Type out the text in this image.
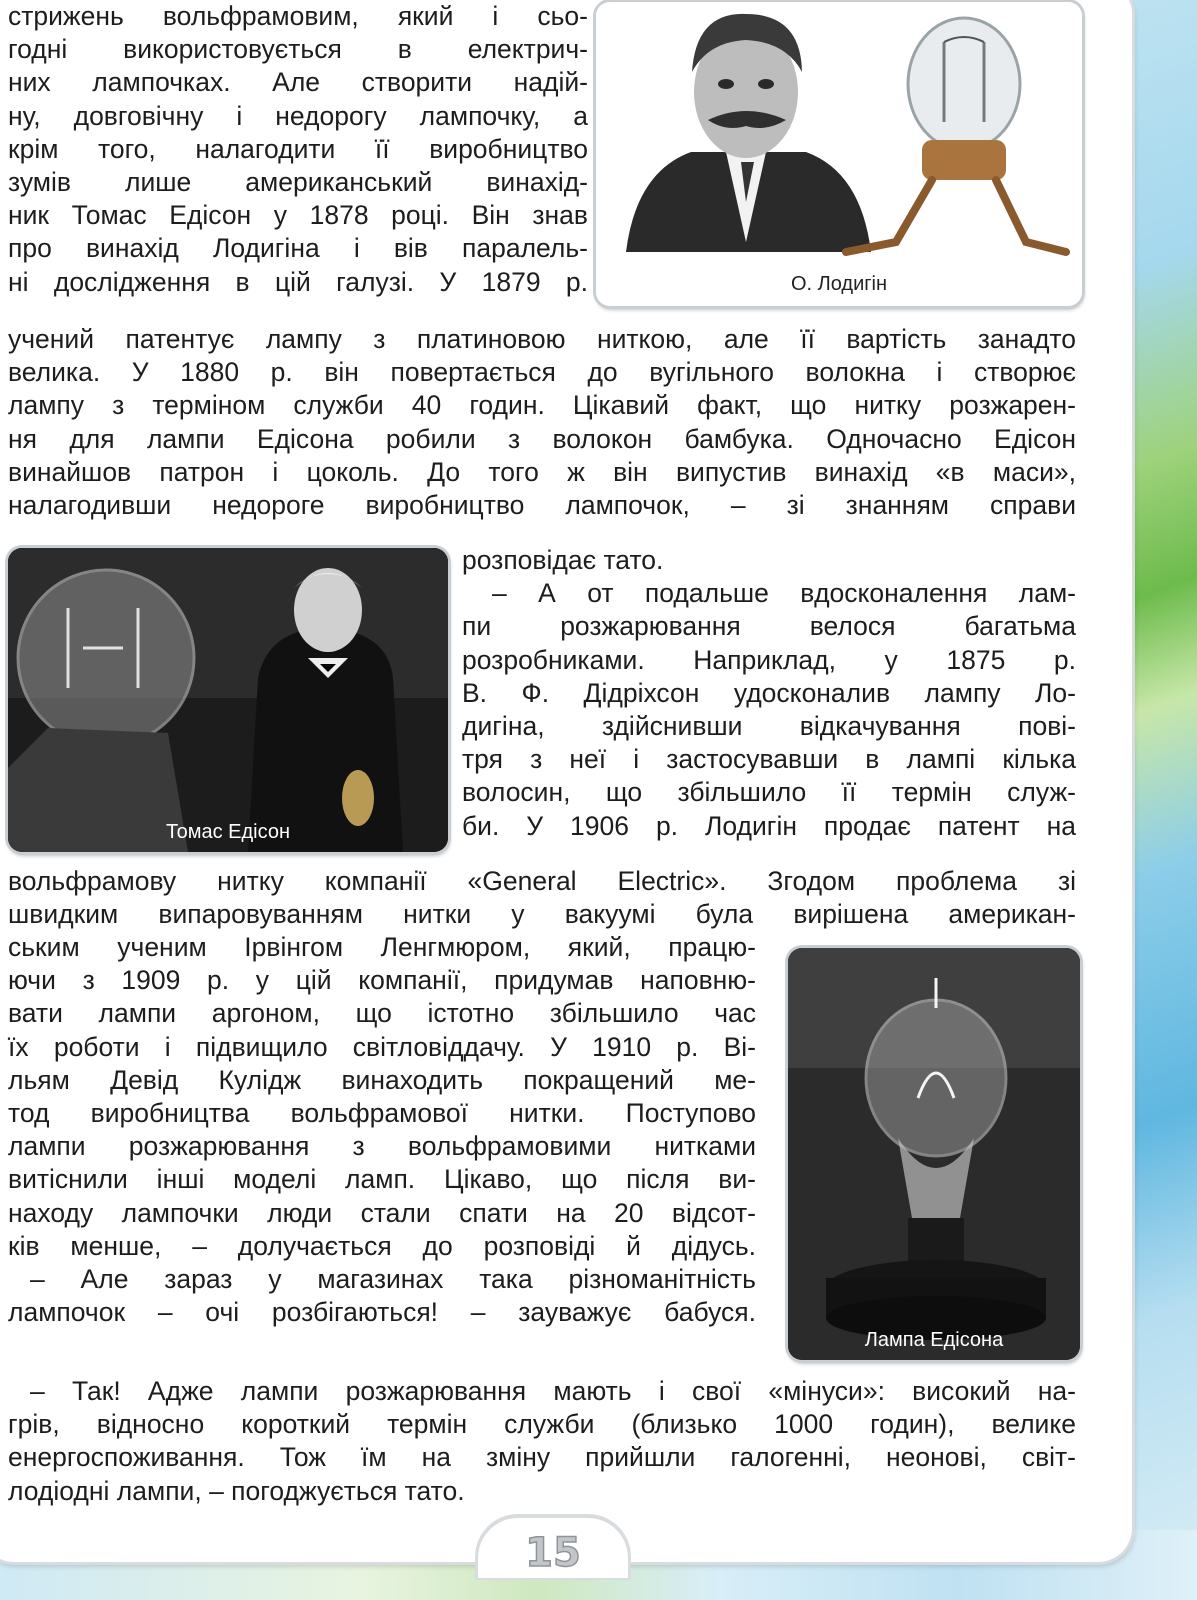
стрижень вольфрамовим, який і сьо-

годні використовується в електрич-

них лампочках. Але створити надій-

ну, довговічну і недорогу лампочку, а

крім того, налагодити її виробництво

зумів лише американський винахід-

ник Томас Едісон у 1878 році. Він знав

про винахід Лодигіна і вів паралель-

ні дослідження в цій галузі. У 1879 р.	О. Лодигін

учений патентує лампу з платиновою ниткою, але її вартість занадто

велика. У 1880 р. він повертається до вугільного волокна і створює

лампу з терміном служби 40 годин. Цікавий факт, що нитку розжарен-

ня для лампи Едісона робили з волокон бамбука. Одночасно Едісон

винайшов патрон і цоколь. До того ж він випустив винахід «в маси»,

налагодивши недороге виробництво лампочок, – зі знанням справи

Томас Едісон

розповідає тато.

– А от подальше вдосконалення лам-

пи розжарювання велося багатьма

розробниками. Наприклад, у 1875 р.

В. Ф. Дідріхсон удосконалив лампу Ло-

дигіна, здійснивши відкачування пові-

тря з неї і застосувавши в лампі кілька

волосин, що збільшило її термін служ-

би. У 1906 р. Лодигін продає патент на

вольфрамову нитку компанії «General Electric». Згодом проблема зі

швидким випаровуванням нитки у вакуумі була вирішена американ-

Лампа Едісона

ським ученим Ірвінгом Ленгмюром, який, працю-

ючи з 1909 р. у цій компанії, придумав наповню-

вати лампи аргоном, що істотно збільшило час

їх роботи і підвищило світловіддачу. У 1910 р. Ві-

льям Девід Кулідж винаходить покращений ме-

тод виробництва вольфрамової нитки. Поступово

лампи розжарювання з вольфрамовими нитками

витіснили інші моделі ламп. Цікаво, що після ви-

находу лампочки люди стали спати на 20 відсот-

ків менше, – долучається до розповіді й дідусь.

– Але зараз у магазинах така різноманітність

лампочок – очі розбігаються! – зауважує бабуся.

– Так! Адже лампи розжарювання мають і свої «мінуси»: високий на-

грів, відносно короткий термін служби (близько 1000 годин), велике

енергоспоживання. Тож їм на зміну прийшли галогенні, неонові, світ-

лодіодні лампи, – погоджується тато.

15
